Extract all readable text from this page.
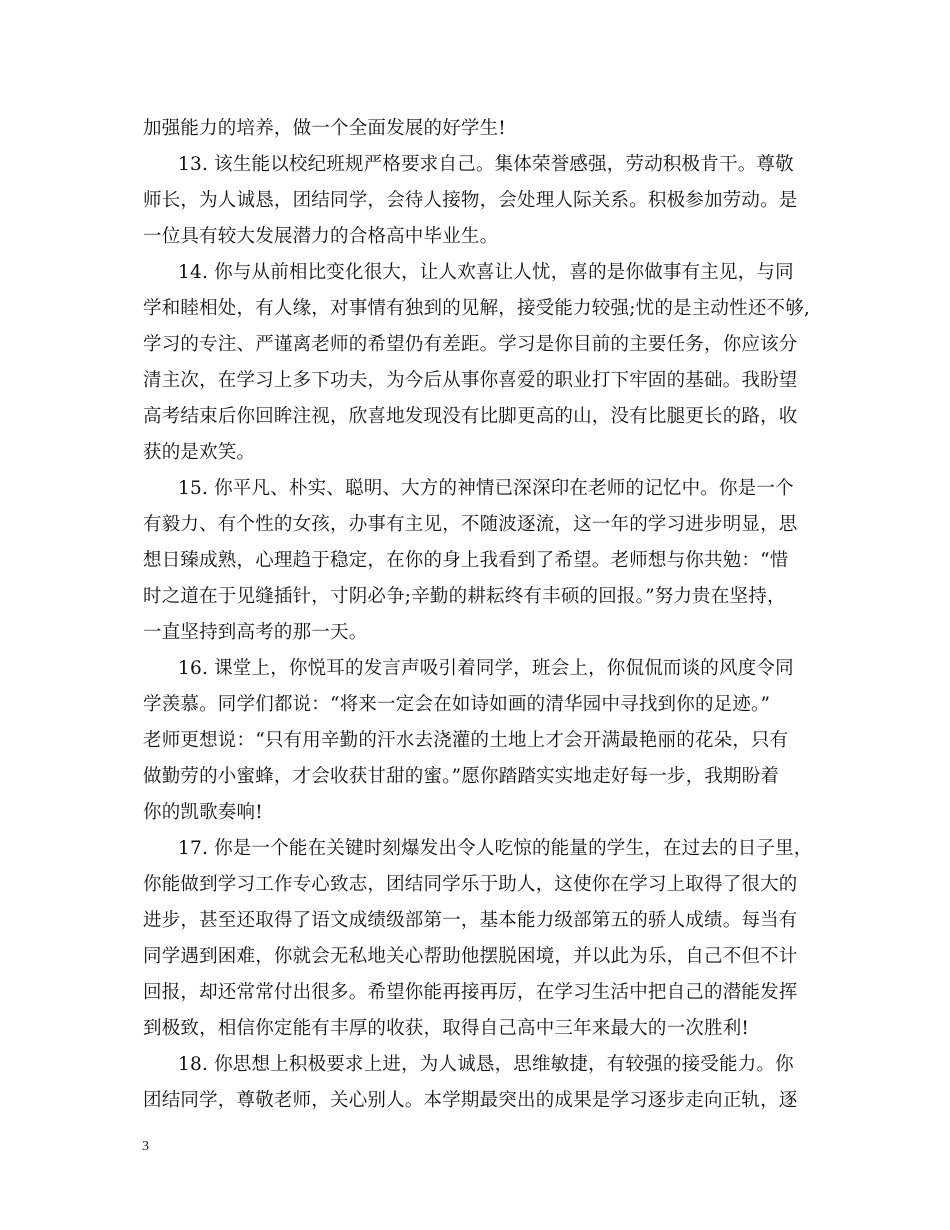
加强能力的培养，做一个全面发展的好学生!
13. 该生能以校纪班规严格要求自己。集体荣誉感强，劳动积极肯干。尊敬
师长，为人诚恳，团结同学，会待人接物，会处理人际关系。积极参加劳动。是
一位具有较大发展潜力的合格高中毕业生。
14. 你与从前相比变化很大，让人欢喜让人忧，喜的是你做事有主见，与同
学和睦相处，有人缘，对事情有独到的见解，接受能力较强;忧的是主动性还不够,
学习的专注、严谨离老师的希望仍有差距。学习是你目前的主要任务，你应该分
清主次，在学习上多下功夫，为今后从事你喜爱的职业打下牢固的基础。我盼望
高考结束后你回眸注视，欣喜地发现没有比脚更高的山，没有比腿更长的路，收
获的是欢笑。
15. 你平凡、朴实、聪明、大方的神情已深深印在老师的记忆中。你是一个
有毅力、有个性的女孩，办事有主见，不随波逐流，这一年的学习进步明显，思
想日臻成熟，心理趋于稳定，在你的身上我看到了希望。老师想与你共勉：“惜
时之道在于见缝插针，寸阴必争;辛勤的耕耘终有丰硕的回报。”努力贵在坚持，
一直坚持到高考的那一天。
16. 课堂上，你悦耳的发言声吸引着同学，班会上，你侃侃而谈的风度令同
学羡慕。同学们都说：“将来一定会在如诗如画的清华园中寻找到你的足迹。”
老师更想说：“只有用辛勤的汗水去浇灌的土地上才会开满最艳丽的花朵，只有
做勤劳的小蜜蜂，才会收获甘甜的蜜。”愿你踏踏实实地走好每一步，我期盼着
你的凯歌奏响!
17. 你是一个能在关键时刻爆发出令人吃惊的能量的学生，在过去的日子里，
你能做到学习工作专心致志，团结同学乐于助人，这使你在学习上取得了很大的
进步，甚至还取得了语文成绩级部第一，基本能力级部第五的骄人成绩。每当有
同学遇到困难，你就会无私地关心帮助他摆脱困境，并以此为乐，自己不但不计
回报，却还常常付出很多。希望你能再接再厉，在学习生活中把自己的潜能发挥
到极致，相信你定能有丰厚的收获，取得自己高中三年来最大的一次胜利!
18. 你思想上积极要求上进，为人诚恳，思维敏捷，有较强的接受能力。你
团结同学，尊敬老师，关心别人。本学期最突出的成果是学习逐步走向正轨，逐
3
